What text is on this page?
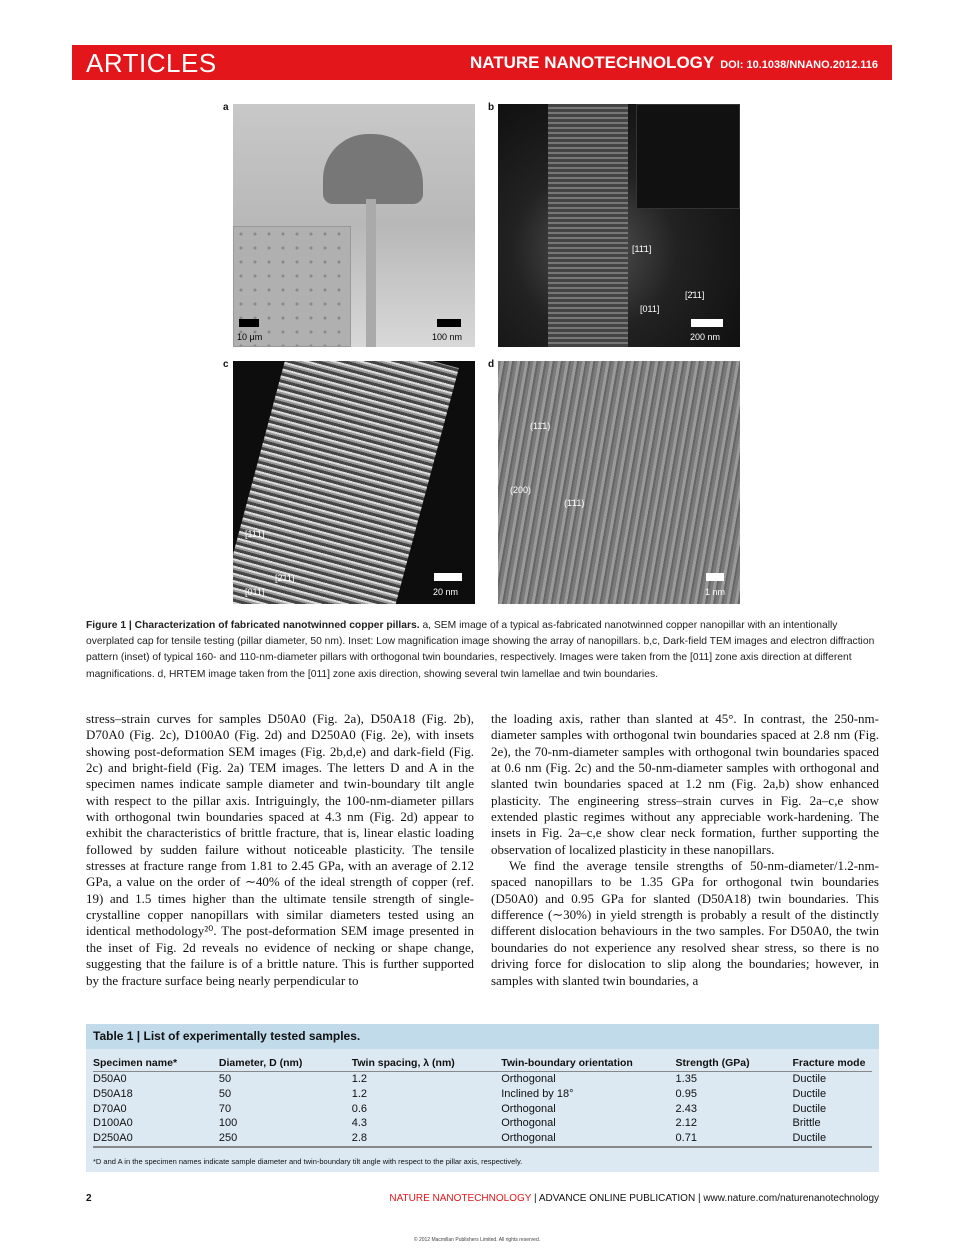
ARTICLES	NATURE NANOTECHNOLOGY DOI: 10.1038/NNANO.2012.116
a
10 μm	100 nm
b
[11̄1]
[2̄11]
[011]
200 nm
c
[11̄1]
[2̄11]
[011]	20 nm
d
(11̄1)
(200)
(1̄11)
1 nm
Figure 1 | Characterization of fabricated nanotwinned copper pillars. a, SEM image of a typical as-fabricated nanotwinned copper nanopillar with an intentionally overplated cap for tensile testing (pillar diameter, 50 nm). Inset: Low magnification image showing the array of nanopillars. b,c, Dark-field TEM images and electron diffraction pattern (inset) of typical 160- and 110-nm-diameter pillars with orthogonal twin boundaries, respectively. Images were taken from the [011] zone axis direction at different magnifications. d, HRTEM image taken from the [011] zone axis direction, showing several twin lamellae and twin boundaries.
stress–strain curves for samples D50A0 (Fig. 2a), D50A18 (Fig. 2b), D70A0 (Fig. 2c), D100A0 (Fig. 2d) and D250A0 (Fig. 2e), with insets showing post-deformation SEM images (Fig. 2b,d,e) and dark-field (Fig. 2c) and bright-field (Fig. 2a) TEM images. The letters D and A in the specimen names indicate sample diameter and twin-boundary tilt angle with respect to the pillar axis. Intriguingly, the 100-nm-diameter pillars with orthogonal twin boundaries spaced at 4.3 nm (Fig. 2d) appear to exhibit the characteristics of brittle fracture, that is, linear elastic loading followed by sudden failure without noticeable plasticity. The tensile stresses at fracture range from 1.81 to 2.45 GPa, with an average of 2.12 GPa, a value on the order of ∼40% of the ideal strength of copper (ref. 19) and 1.5 times higher than the ultimate tensile strength of single-crystalline copper nanopillars with similar diameters tested using an identical methodology²⁰. The post-deformation SEM image presented in the inset of Fig. 2d reveals no evidence of necking or shape change, suggesting that the failure is of a brittle nature. This is further supported by the fracture surface being nearly perpendicular to
the loading axis, rather than slanted at 45°. In contrast, the 250-nm-diameter samples with orthogonal twin boundaries spaced at 2.8 nm (Fig. 2e), the 70-nm-diameter samples with orthogonal twin boundaries spaced at 0.6 nm (Fig. 2c) and the 50-nm-diameter samples with orthogonal and slanted twin boundaries spaced at 1.2 nm (Fig. 2a,b) show enhanced plasticity. The engineering stress–strain curves in Fig. 2a–c,e show extended plastic regimes without any appreciable work-hardening. The insets in Fig. 2a–c,e show clear neck formation, further supporting the observation of localized plasticity in these nanopillars.
We find the average tensile strengths of 50-nm-diameter/1.2-nm-spaced nanopillars to be 1.35 GPa for orthogonal twin boundaries (D50A0) and 0.95 GPa for slanted (D50A18) twin boundaries. This difference (∼30%) in yield strength is probably a result of the distinctly different dislocation behaviours in the two samples. For D50A0, the twin boundaries do not experience any resolved shear stress, so there is no driving force for dislocation to slip along the boundaries; however, in samples with slanted twin boundaries, a
Table 1 | List of experimentally tested samples.
Specimen name*	Diameter, D (nm)	Twin spacing, λ (nm)	Twin-boundary orientation	Strength (GPa)	Fracture mode
D50A0	50	1.2	Orthogonal	1.35	Ductile
D50A18	50	1.2	Inclined by 18°	0.95	Ductile
D70A0	70	0.6	Orthogonal	2.43	Ductile
D100A0	100	4.3	Orthogonal	2.12	Brittle
D250A0	250	2.8	Orthogonal	0.71	Ductile
*D and A in the specimen names indicate sample diameter and twin-boundary tilt angle with respect to the pillar axis, respectively.
2	NATURE NANOTECHNOLOGY | ADVANCE ONLINE PUBLICATION | www.nature.com/naturenanotechnology
© 2012 Macmillan Publishers Limited. All rights reserved.
